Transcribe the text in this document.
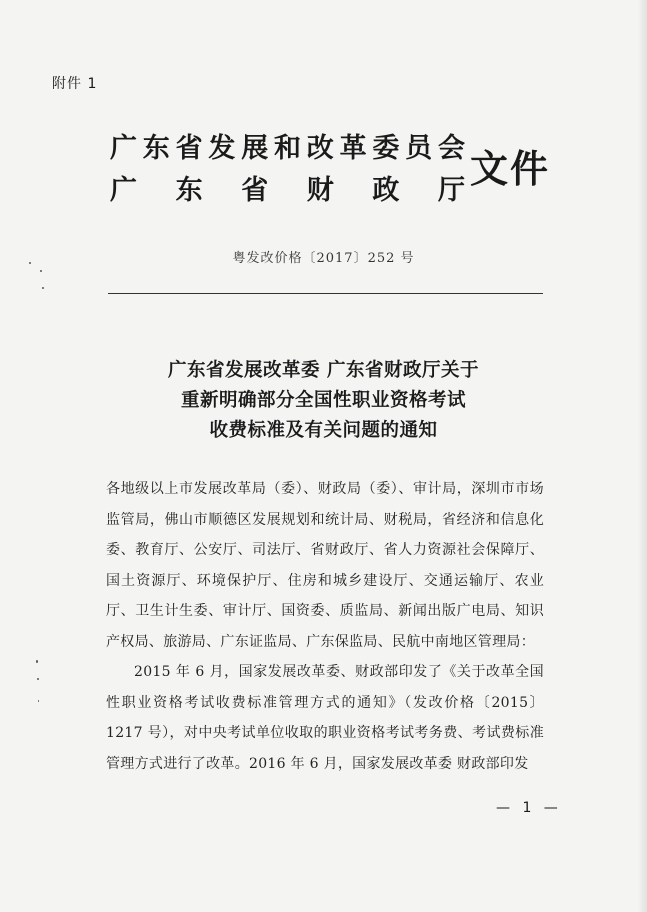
附件 1
广 东 省 发 展 和 改 革 委 员 会
广 东 省 财 政 厅 文件
粤发改价格〔2017〕252 号
广东省发展改革委 广东省财政厅关于
重新明确部分全国性职业资格考试
收费标准及有关问题的通知

各地级以上市发展改革局（委）、财政局（委）、审计局，深圳市市场监管局，佛山市顺德区发展规划和统计局、财税局，省经济和信息化委、教育厅、公安厅、司法厅、省财政厅、省人力资源社会保障厅、国土资源厅、环境保护厅、住房和城乡建设厅、交通运输厅、农业厅、卫生计生委、审计厅、国资委、质监局、新闻出版广电局、知识产权局、旅游局、广东证监局、广东保监局、民航中南地区管理局：

2015 年 6 月，国家发展改革委、财政部印发了《关于改革全国性职业资格考试收费标准管理方式的通知》（发改价格〔2015〕1217 号），对中央考试单位收取的职业资格考试考务费、考试费标准管理方式进行了改革。2016 年 6 月，国家发展改革委 财政部印发

— 1 —
